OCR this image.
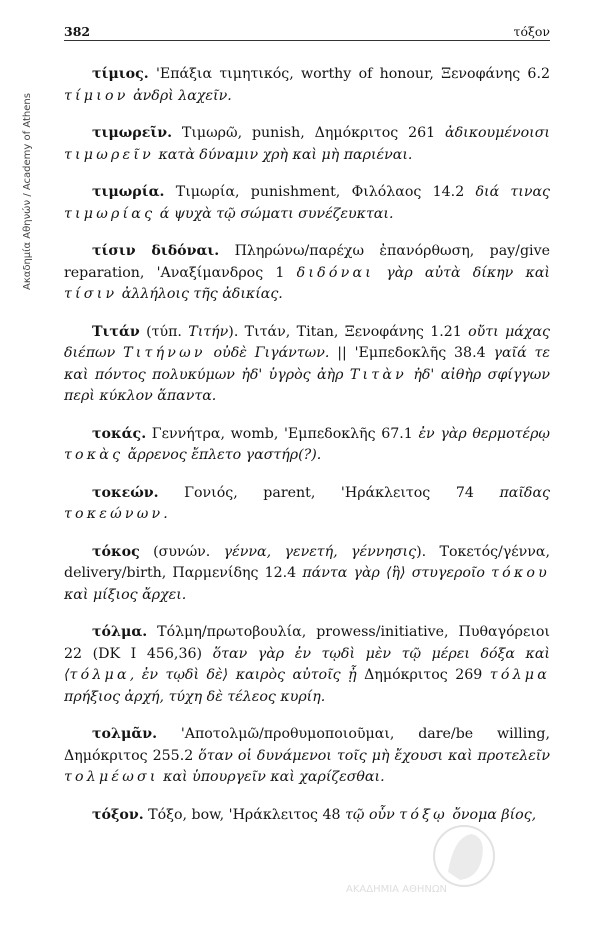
Ακαδημία Αθηνών / Academy of Athens
382	τόξον
τίμιος. 'Επάξια τιμητικός, worthy of honour, Ξενοφάνης 6.2 τίμιον ἀνδρὶ λαχεῖν.
τιμωρεῖν. Τιμωρῶ, punish, Δημόκριτος 261 ἀδικουμένοισι τιμωρεῖν κατὰ δύναμιν χρὴ καὶ μὴ παριέναι.
τιμωρία. Τιμωρία, punishment, Φιλόλαος 14.2 διά τινας τιμωρίας ά ψυχὰ τῷ σώματι συνέζευκται.
τίσιν διδόναι. Πληρώνω/παρέχω ἐπανόρθωση, pay/give reparation, 'Αναξίμανδρος 1 διδόναι γὰρ αὐτὰ δίκην καὶ τίσιν ἀλλήλοις τῆς ἀδικίας.
Τιτάν (τύπ. Τιτήν). Τιτάν, Titan, Ξενοφάνης 1.21 οὔτι μάχας διέπων Τιτήνων οὐδὲ Γιγάντων. || 'Εμπεδοκλῆς 38.4 γαῖά τε καὶ πόντος πολυκύμων ἠδ' ὑγρὸς ἀὴρ Τιτὰν ἠδ' αἰθὴρ σφίγγων περὶ κύκλον ἅπαντα.
τοκάς. Γεννήτρα, womb, 'Εμπεδοκλῆς 67.1 ἐν γὰρ θερμοτέρῳ τοκὰς ἄρρενος ἔπλετο γαστήρ(?).
τοκεών. Γονιός, parent, 'Ηράκλειτος 74 παῖδας τοκεώνων.
τόκος (συνών. γέννα, γενετή, γέννησις). Τοκετός/γέννα, delivery/birth, Παρμενίδης 12.4 πάντα γὰρ ⟨ἣ⟩ στυγεροῖο τόκου καὶ μίξιος ἄρχει.
τόλμα. Τόλμη/πρωτοβουλία, prowess/initiative, Πυθαγόρειοι 22 (DK I 456,36) ὅταν γὰρ ἐν τῳδὶ μὲν τῷ μέρει δόξα καὶ ⟨τόλμα, ἐν τῳδὶ δὲ⟩ καιρὸς αὐτοῖς ᾖ Δημόκριτος 269 τόλμα πρήξιος ἀρχή, τύχη δὲ τέλεος κυρίη.
τολμᾶν. 'Αποτολμῶ/προθυμοποιοῦμαι, dare/be willing, Δημόκριτος 255.2 ὅταν οἱ δυνάμενοι τοῖς μὴ ἔχουσι καὶ προτελεῖν τολμέωσι καὶ ὑπουργεῖν καὶ χαρίζεσθαι.
τόξον. Τόξο, bow, 'Ηράκλειτος 48 τῷ οὖν τόξῳ ὄνομα βίος,
ΑΚΑΔΗΜΙΑ ΑΘΗΝΩΝ
